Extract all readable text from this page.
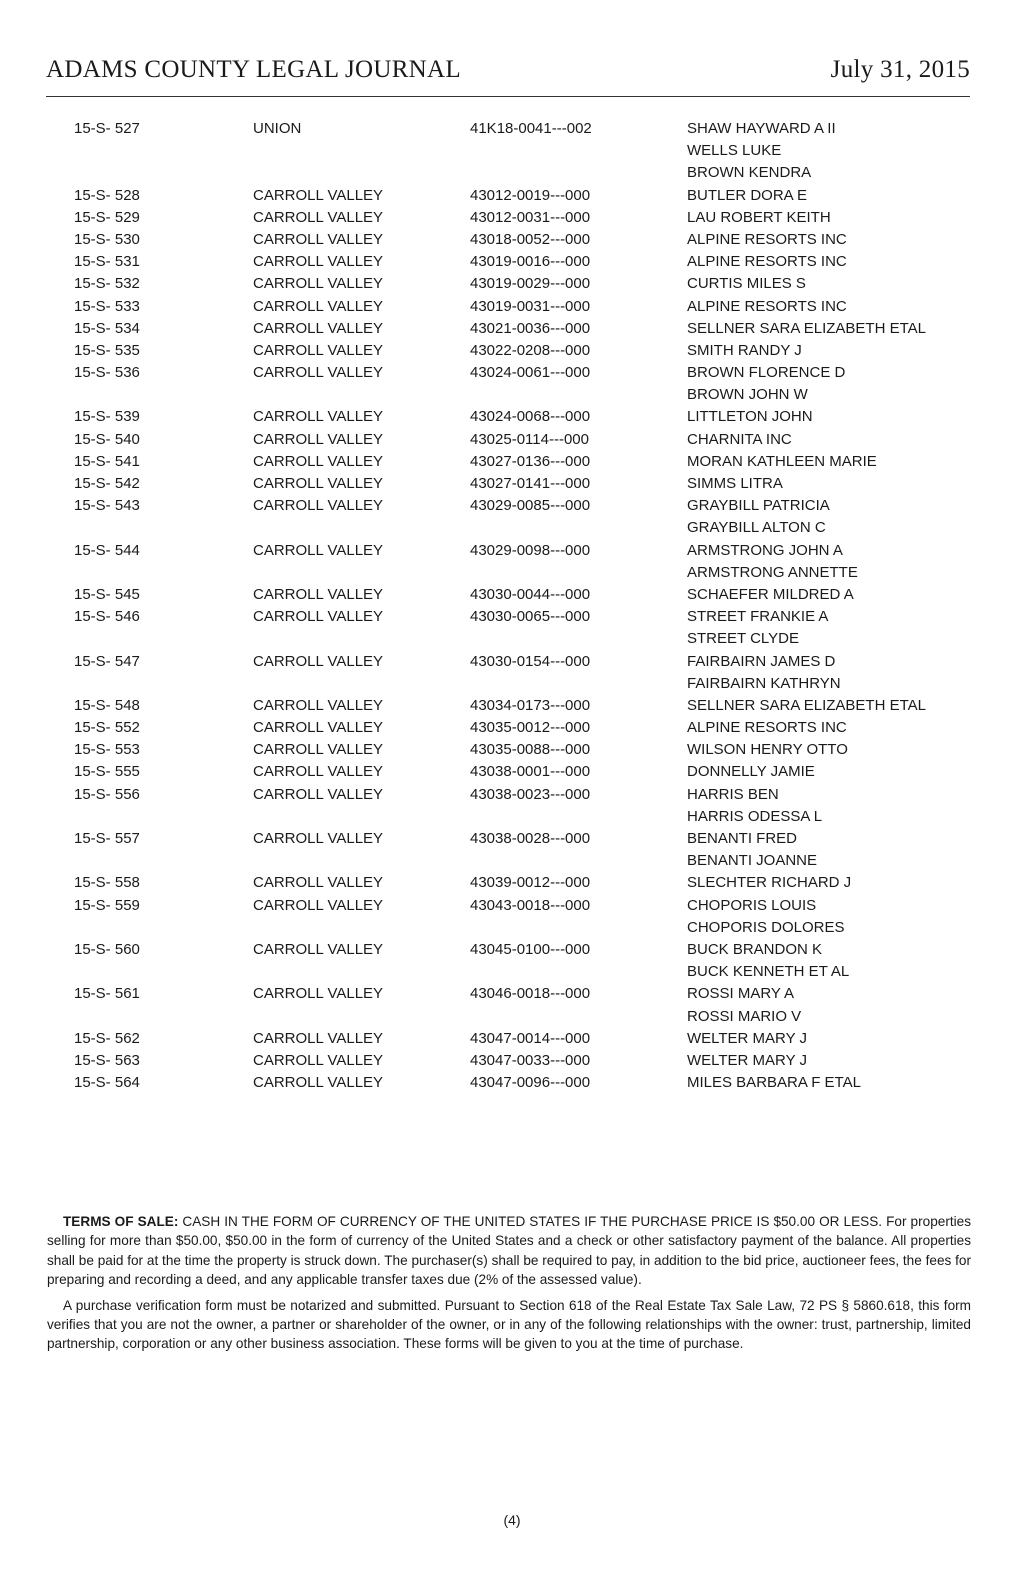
ADAMS COUNTY LEGAL JOURNAL	July 31, 2015
15-S- 527	UNION	41K18-0041---002	SHAW HAYWARD A II
WELLS LUKE
BROWN KENDRA
15-S- 528	CARROLL VALLEY	43012-0019---000	BUTLER DORA E
15-S- 529	CARROLL VALLEY	43012-0031---000	LAU ROBERT KEITH
15-S- 530	CARROLL VALLEY	43018-0052---000	ALPINE RESORTS INC
15-S- 531	CARROLL VALLEY	43019-0016---000	ALPINE RESORTS INC
15-S- 532	CARROLL VALLEY	43019-0029---000	CURTIS MILES S
15-S- 533	CARROLL VALLEY	43019-0031---000	ALPINE RESORTS INC
15-S- 534	CARROLL VALLEY	43021-0036---000	SELLNER SARA ELIZABETH ETAL
15-S- 535	CARROLL VALLEY	43022-0208---000	SMITH RANDY J
15-S- 536	CARROLL VALLEY	43024-0061---000	BROWN FLORENCE D
BROWN JOHN W
15-S- 539	CARROLL VALLEY	43024-0068---000	LITTLETON JOHN
15-S- 540	CARROLL VALLEY	43025-0114---000	CHARNITA INC
15-S- 541	CARROLL VALLEY	43027-0136---000	MORAN KATHLEEN MARIE
15-S- 542	CARROLL VALLEY	43027-0141---000	SIMMS LITRA
15-S- 543	CARROLL VALLEY	43029-0085---000	GRAYBILL PATRICIA
GRAYBILL ALTON C
15-S- 544	CARROLL VALLEY	43029-0098---000	ARMSTRONG JOHN A
ARMSTRONG ANNETTE
15-S- 545	CARROLL VALLEY	43030-0044---000	SCHAEFER MILDRED A
15-S- 546	CARROLL VALLEY	43030-0065---000	STREET FRANKIE A
STREET CLYDE
15-S- 547	CARROLL VALLEY	43030-0154---000	FAIRBAIRN JAMES D
FAIRBAIRN KATHRYN
15-S- 548	CARROLL VALLEY	43034-0173---000	SELLNER SARA ELIZABETH ETAL
15-S- 552	CARROLL VALLEY	43035-0012---000	ALPINE RESORTS INC
15-S- 553	CARROLL VALLEY	43035-0088---000	WILSON HENRY OTTO
15-S- 555	CARROLL VALLEY	43038-0001---000	DONNELLY JAMIE
15-S- 556	CARROLL VALLEY	43038-0023---000	HARRIS BEN
HARRIS ODESSA L
15-S- 557	CARROLL VALLEY	43038-0028---000	BENANTI FRED
BENANTI JOANNE
15-S- 558	CARROLL VALLEY	43039-0012---000	SLECHTER RICHARD J
15-S- 559	CARROLL VALLEY	43043-0018---000	CHOPORIS LOUIS
CHOPORIS DOLORES
15-S- 560	CARROLL VALLEY	43045-0100---000	BUCK BRANDON K
BUCK KENNETH ET AL
15-S- 561	CARROLL VALLEY	43046-0018---000	ROSSI MARY A
ROSSI MARIO V
15-S- 562	CARROLL VALLEY	43047-0014---000	WELTER MARY J
15-S- 563	CARROLL VALLEY	43047-0033---000	WELTER MARY J
15-S- 564	CARROLL VALLEY	43047-0096---000	MILES BARBARA F ETAL

TERMS OF SALE: CASH IN THE FORM OF CURRENCY OF THE UNITED STATES IF THE PURCHASE PRICE IS $50.00 OR LESS. For properties selling for more than $50.00, $50.00 in the form of currency of the United States and a check or other satisfactory payment of the balance. All properties shall be paid for at the time the property is struck down. The purchaser(s) shall be required to pay, in addition to the bid price, auctioneer fees, the fees for preparing and recording a deed, and any applicable transfer taxes due (2% of the assessed value).

A purchase verification form must be notarized and submitted. Pursuant to Section 618 of the Real Estate Tax Sale Law, 72 PS § 5860.618, this form verifies that you are not the owner, a partner or shareholder of the owner, or in any of the following relationships with the owner: trust, partnership, limited partnership, corporation or any other business association. These forms will be given to you at the time of purchase.

(4)
